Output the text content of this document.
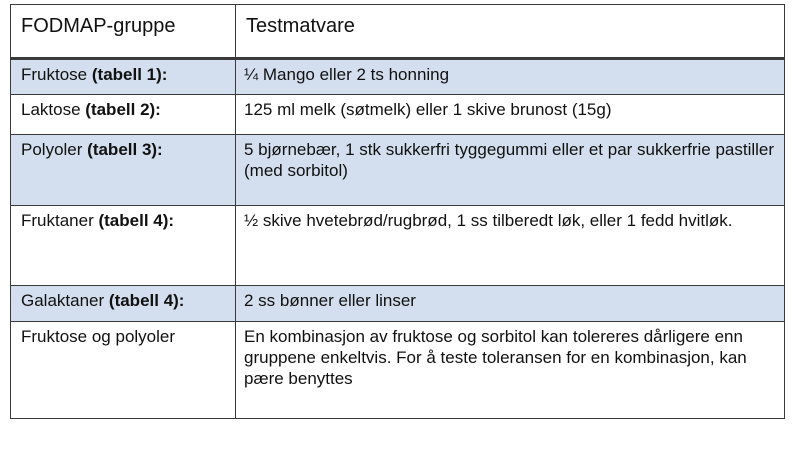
FODMAP-gruppe	Testmatvare
Fruktose (tabell 1):	¼ Mango eller 2 ts honning
Laktose (tabell 2):	125 ml melk (søtmelk) eller 1 skive brunost (15g)
Polyoler (tabell 3):	5 bjørnebær, 1 stk sukkerfri tyggegummi eller et par sukkerfrie pastiller (med sorbitol)
Fruktaner (tabell 4):	½ skive hvetebrød/rugbrød, 1 ss tilberedt løk, eller 1 fedd hvitløk.
Galaktaner (tabell 4):	2 ss bønner eller linser
Fruktose og polyoler	En kombinasjon av fruktose og sorbitol kan tolereres dårligere enn gruppene enkeltvis. For å teste toleransen for en kombinasjon, kan pære benyttes
